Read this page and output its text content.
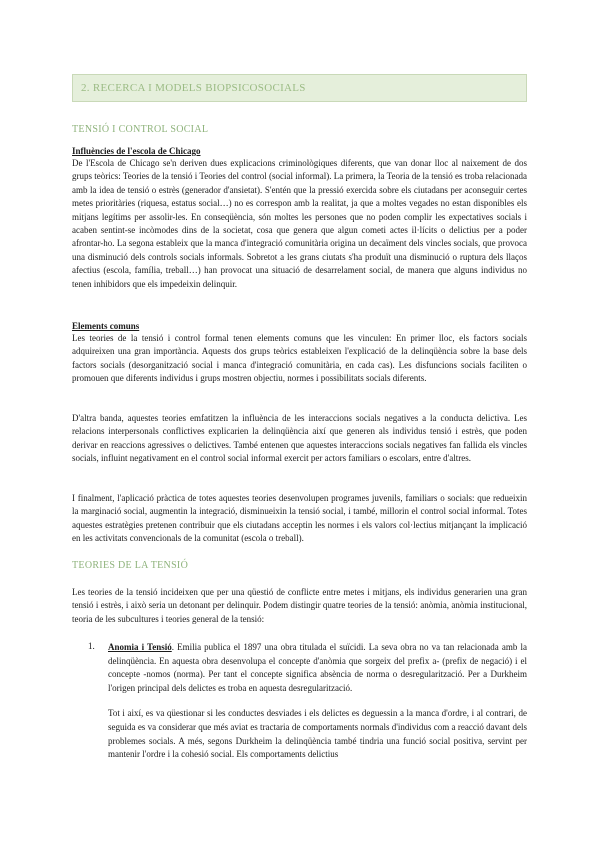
2. RECERCA I MODELS BIOPSICOSOCIALS
TENSIÓ I CONTROL SOCIAL
Influències de l'escola de Chicago

De l'Escola de Chicago se'n deriven dues explicacions criminològiques diferents, que van donar lloc al naixement de dos grups teòrics: Teories de la tensió i Teories del control (social informal). La primera, la Teoria de la tensió es troba relacionada amb la idea de tensió o estrès (generador d'ansietat). S'entén que la pressió exercida sobre els ciutadans per aconseguir certes metes prioritàries (riquesa, estatus social…) no es correspon amb la realitat, ja que a moltes vegades no estan disponibles els mitjans legítims per assolir-les. En conseqüència, són moltes les persones que no poden complir les expectatives socials i acaben sentint-se incòmodes dins de la societat, cosa que genera que algun cometi actes il·lícits o delictius per a poder afrontar-ho. La segona estableix que la manca d'integració comunitària origina un decaïment dels vincles socials, que provoca una disminució dels controls socials informals. Sobretot a les grans ciutats s'ha produït una disminució o ruptura dels llaços afectius (escola, família, treball…) han provocat una situació de desarrelament social, de manera que alguns individus no tenen inhibidors que els impedeixin delinquir.

Elements comuns

Les teories de la tensió i control formal tenen elements comuns que les vinculen: En primer lloc, els factors socials adquireixen una gran importància. Aquests dos grups teòrics estableixen l'explicació de la delinqüència sobre la base dels factors socials (desorganització social i manca d'integració comunitària, en cada cas). Les disfuncions socials faciliten o promouen que diferents individus i grups mostren objectiu, normes i possibilitats socials diferents.

D'altra banda, aquestes teories emfatitzen la influència de les interaccions socials negatives a la conducta delictiva. Les relacions interpersonals conflictives explicarien la delinqüència així que generen als individus tensió i estrès, que poden derivar en reaccions agressives o delictives. També entenen que aquestes interaccions socials negatives fan fallida els vincles socials, influint negativament en el control social informal exercit per actors familiars o escolars, entre d'altres.

I finalment, l'aplicació pràctica de totes aquestes teories desenvolupen programes juvenils, familiars o socials: que redueixin la marginació social, augmentin la integració, disminueixin la tensió social, i també, millorin el control social informal. Totes aquestes estratègies pretenen contribuir que els ciutadans acceptin les normes i els valors col·lectius mitjançant la implicació en les activitats convencionals de la comunitat (escola o treball).

TEORIES DE LA TENSIÓ

Les teories de la tensió incideixen que per una qüestió de conflicte entre metes i mitjans, els individus generarien una gran tensió i estrès, i això seria un detonant per delinquir. Podem distingir quatre teories de la tensió: anòmia, anòmia institucional, teoria de les subcultures i teories general de la tensió:

1. Anomia i Tensió. Emilia publica el 1897 una obra titulada el suïcidi. La seva obra no va tan relacionada amb la delinqüència. En aquesta obra desenvolupa el concepte d'anòmia que sorgeix del prefix a- (prefix de negació) i el concepte -nomos (norma). Per tant el concepte significa absència de norma o desregularització. Per a Durkheim l'origen principal dels delictes es troba en aquesta desregularització.

Tot i així, es va qüestionar si les conductes desviades i els delictes es deguessin a la manca d'ordre, i al contrari, de seguida es va considerar que més aviat es tractaria de comportaments normals d'individus com a reacció davant dels problemes socials. A més, segons Durkheim la delinqüència també tindria una funció social positiva, servint per mantenir l'ordre i la cohesió social. Els comportaments delictius
